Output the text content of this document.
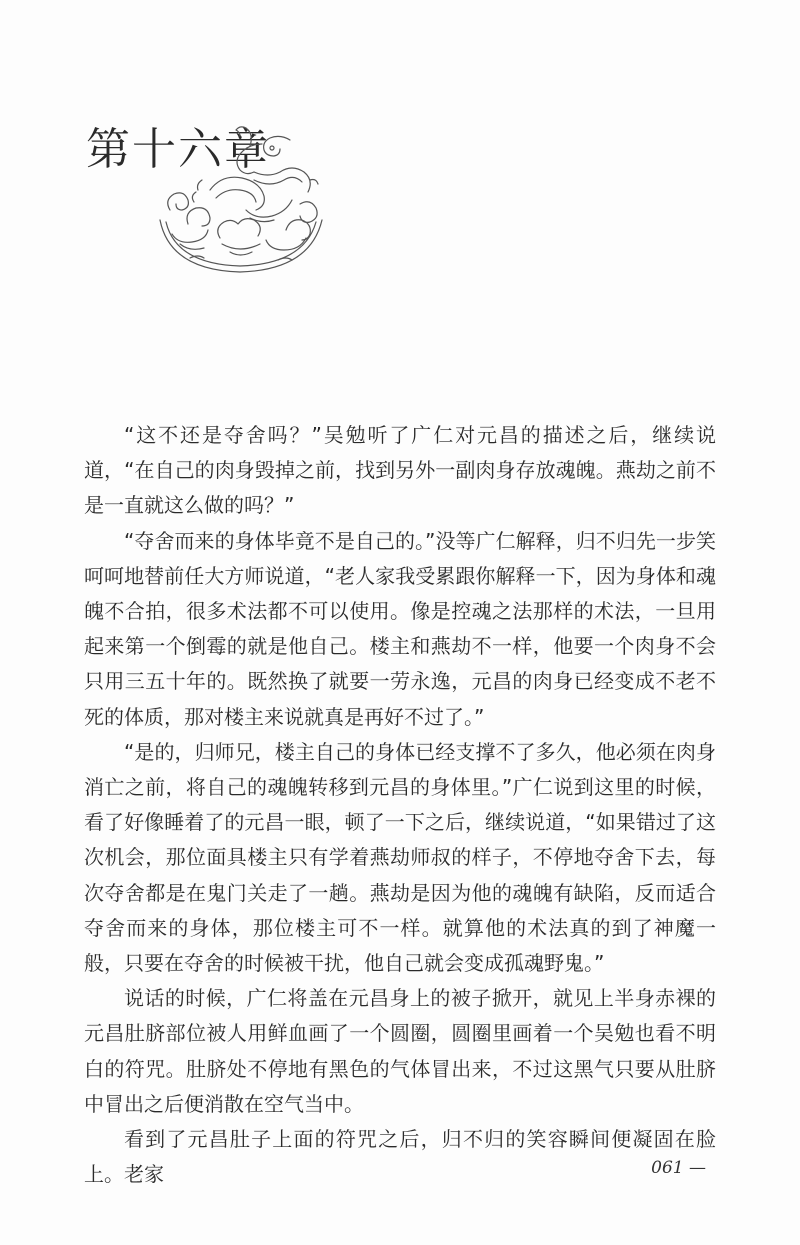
第十六章

“这不还是夺舍吗？”吴勉听了广仁对元昌的描述之后，继续说道，“在自己的肉身毁掉之前，找到另外一副肉身存放魂魄。燕劫之前不是一直就这么做的吗？”

“夺舍而来的身体毕竟不是自己的。”没等广仁解释，归不归先一步笑呵呵地替前任大方师说道，“老人家我受累跟你解释一下，因为身体和魂魄不合拍，很多术法都不可以使用。像是控魂之法那样的术法，一旦用起来第一个倒霉的就是他自己。楼主和燕劫不一样，他要一个肉身不会只用三五十年的。既然换了就要一劳永逸，元昌的肉身已经变成不老不死的体质，那对楼主来说就真是再好不过了。”

“是的，归师兄，楼主自己的身体已经支撑不了多久，他必须在肉身消亡之前，将自己的魂魄转移到元昌的身体里。”广仁说到这里的时候，看了好像睡着了的元昌一眼，顿了一下之后，继续说道，“如果错过了这次机会，那位面具楼主只有学着燕劫师叔的样子，不停地夺舍下去，每次夺舍都是在鬼门关走了一趟。燕劫是因为他的魂魄有缺陷，反而适合夺舍而来的身体，那位楼主可不一样。就算他的术法真的到了神魔一般，只要在夺舍的时候被干扰，他自己就会变成孤魂野鬼。”

说话的时候，广仁将盖在元昌身上的被子掀开，就见上半身赤裸的元昌肚脐部位被人用鲜血画了一个圆圈，圆圈里画着一个吴勉也看不明白的符咒。肚脐处不停地有黑色的气体冒出来，不过这黑气只要从肚脐中冒出之后便消散在空气当中。

看到了元昌肚子上面的符咒之后，归不归的笑容瞬间便凝固在脸上。老家	061 —
